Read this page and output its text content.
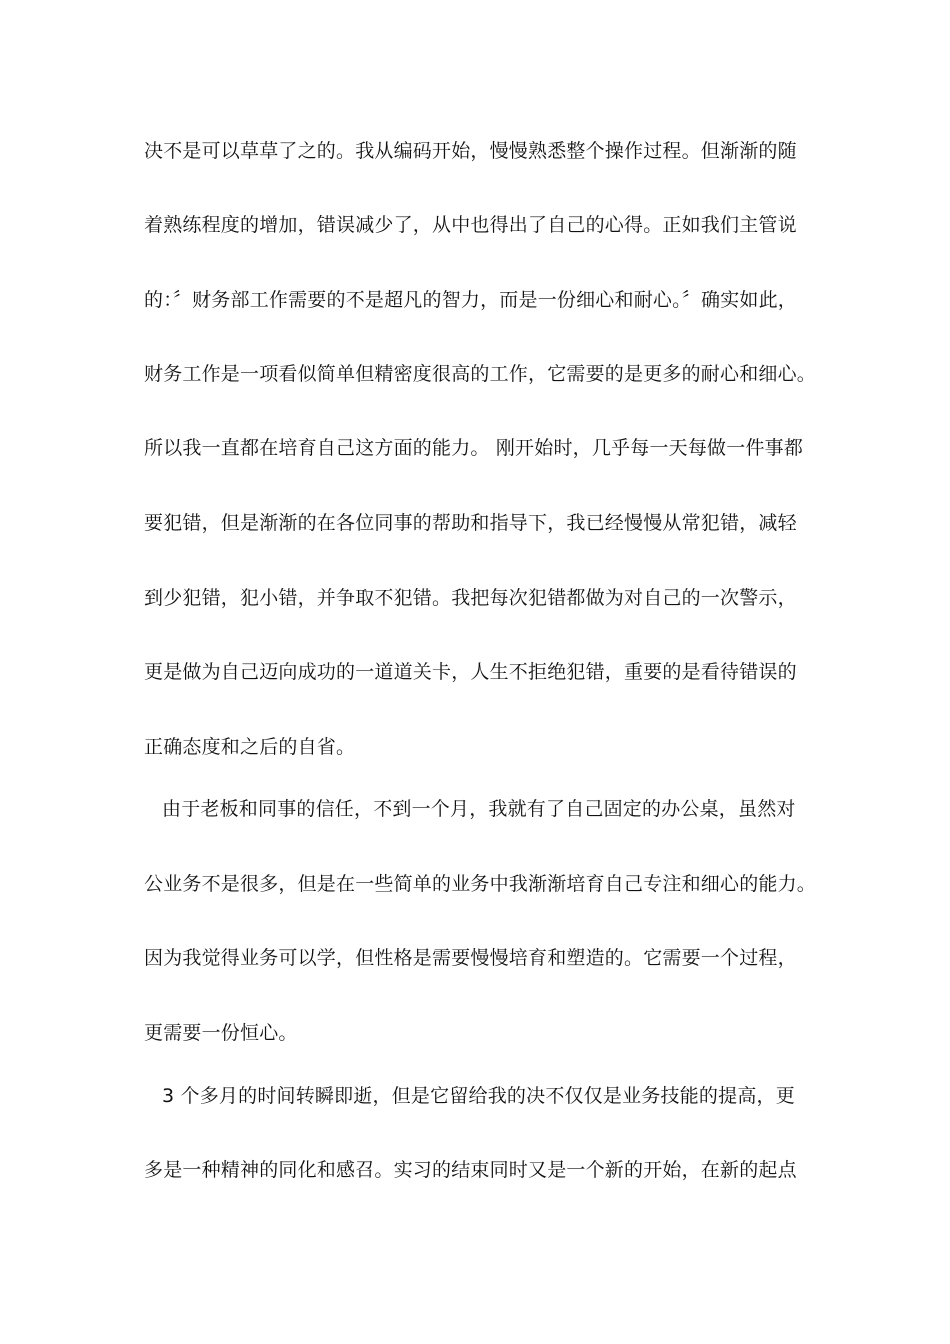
决不是可以草草了之的。我从编码开始，慢慢熟悉整个操作过程。但渐渐的随
着熟练程度的增加，错误减少了，从中也得出了自己的心得。正如我们主管说
的：〞财务部工作需要的不是超凡的智力，而是一份细心和耐心。〞确实如此，
财务工作是一项看似简单但精密度很高的工作，它需要的是更多的耐心和细心。
所以我一直都在培育自己这方面的能力。 刚开始时，几乎每一天每做一件事都
要犯错，但是渐渐的在各位同事的帮助和指导下，我已经慢慢从常犯错，减轻
到少犯错，犯小错，并争取不犯错。我把每次犯错都做为对自己的一次警示，
更是做为自己迈向成功的一道道关卡，人生不拒绝犯错，重要的是看待错误的
正确态度和之后的自省。
由于老板和同事的信任，不到一个月，我就有了自己固定的办公桌，虽然对
公业务不是很多，但是在一些简单的业务中我渐渐培育自己专注和细心的能力。
因为我觉得业务可以学，但性格是需要慢慢培育和塑造的。它需要一个过程，
更需要一份恒心。
3 个多月的时间转瞬即逝，但是它留给我的决不仅仅是业务技能的提高，更
多是一种精神的同化和感召。实习的结束同时又是一个新的开始，在新的起点
